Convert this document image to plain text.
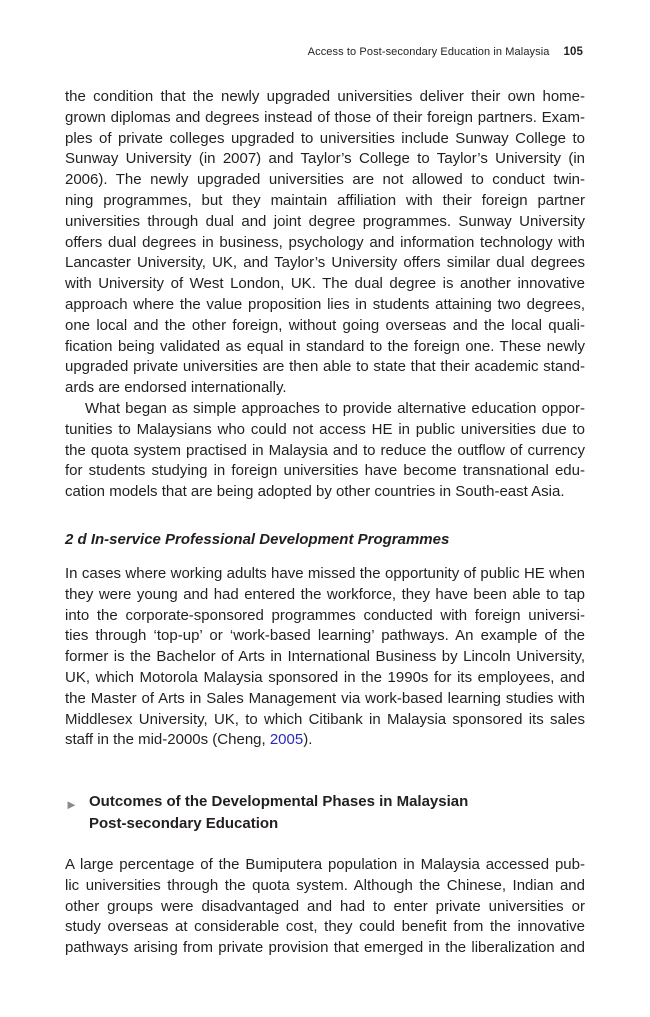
Access to Post-secondary Education in Malaysia 105
the condition that the newly upgraded universities deliver their own home-
grown diplomas and degrees instead of those of their foreign partners. Exam-
ples of private colleges upgraded to universities include Sunway College to
Sunway University (in 2007) and Taylor’s College to Taylor’s University (in
2006). The newly upgraded universities are not allowed to conduct twin-
ning programmes, but they maintain affiliation with their foreign partner
universities through dual and joint degree programmes. Sunway University
offers dual degrees in business, psychology and information technology with
Lancaster University, UK, and Taylor’s University offers similar dual degrees
with University of West London, UK. The dual degree is another innovative
approach where the value proposition lies in students attaining two degrees,
one local and the other foreign, without going overseas and the local quali-
fication being validated as equal in standard to the foreign one. These newly
upgraded private universities are then able to state that their academic stand-
ards are endorsed internationally.
What began as simple approaches to provide alternative education oppor-
tunities to Malaysians who could not access HE in public universities due to
the quota system practised in Malaysia and to reduce the outflow of currency
for students studying in foreign universities have become transnational edu-
cation models that are being adopted by other countries in South-east Asia.
2 d In-service Professional Development Programmes
In cases where working adults have missed the opportunity of public HE when
they were young and had entered the workforce, they have been able to tap
into the corporate-sponsored programmes conducted with foreign universi-
ties through ‘top-up’ or ‘work-based learning’ pathways. An example of the
former is the Bachelor of Arts in International Business by Lincoln University,
UK, which Motorola Malaysia sponsored in the 1990s for its employees, and
the Master of Arts in Sales Management via work-based learning studies with
Middlesex University, UK, to which Citibank in Malaysia sponsored its sales
staff in the mid-2000s (Cheng, 2005).
► Outcomes of the Developmental Phases in Malaysian
Post-secondary Education
A large percentage of the Bumiputera population in Malaysia accessed pub-
lic universities through the quota system. Although the Chinese, Indian and
other groups were disadvantaged and had to enter private universities or
study overseas at considerable cost, they could benefit from the innovative
pathways arising from private provision that emerged in the liberalization and
